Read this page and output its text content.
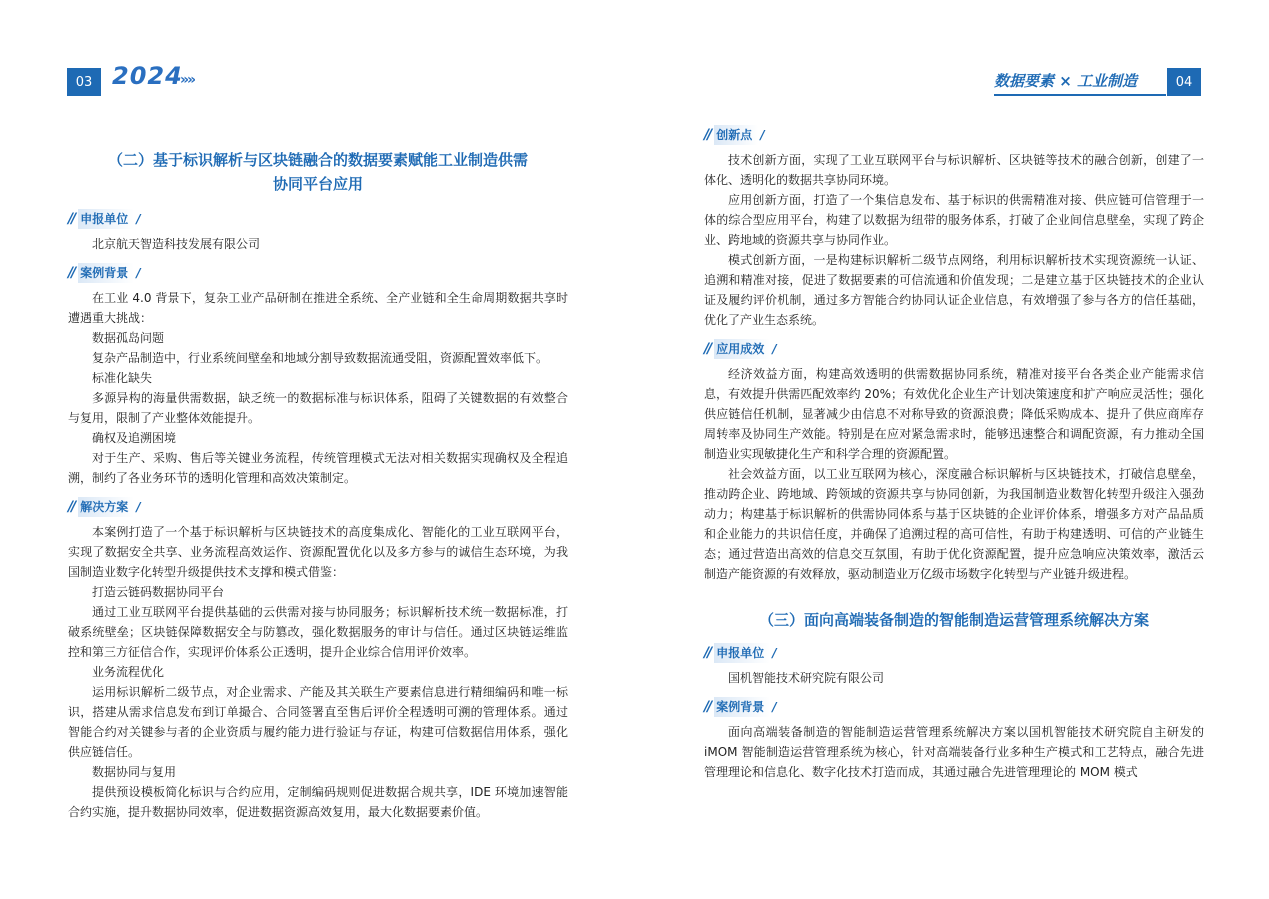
03 2024
»»
（二）基于标识解析与区块链融合的数据要素赋能工业制造供需
协同平台应用
// 申报单位 /

北京航天智造科技发展有限公司

// 案例背景 /

在工业 4.0 背景下，复杂工业产品研制在推进全系统、全产业链和全生命周期数据共享时遭遇重大挑战：

数据孤岛问题

复杂产品制造中，行业系统间壁垒和地域分割导致数据流通受阻，资源配置效率低下。

标准化缺失

多源异构的海量供需数据，缺乏统一的数据标准与标识体系，阻碍了关键数据的有效整合与复用，限制了产业整体效能提升。

确权及追溯困境

对于生产、采购、售后等关键业务流程，传统管理模式无法对相关数据实现确权及全程追溯，制约了各业务环节的透明化管理和高效决策制定。

// 解决方案 /

本案例打造了一个基于标识解析与区块链技术的高度集成化、智能化的工业互联网平台，实现了数据安全共享、业务流程高效运作、资源配置优化以及多方参与的诚信生态环境，为我国制造业数字化转型升级提供技术支撑和模式借鉴：

打造云链码数据协同平台

通过工业互联网平台提供基础的云供需对接与协同服务；标识解析技术统一数据标准，打破系统壁垒；区块链保障数据安全与防篡改，强化数据服务的审计与信任。通过区块链运维监控和第三方征信合作，实现评价体系公正透明，提升企业综合信用评价效率。

业务流程优化

运用标识解析二级节点，对企业需求、产能及其关联生产要素信息进行精细编码和唯一标识，搭建从需求信息发布到订单撮合、合同签署直至售后评价全程透明可溯的管理体系。通过智能合约对关键参与者的企业资质与履约能力进行验证与存证，构建可信数据信用体系，强化供应链信任。

数据协同与复用

提供预设模板简化标识与合约应用，定制编码规则促进数据合规共享，IDE 环境加速智能合约实施，提升数据协同效率，促进数据资源高效复用，最大化数据要素价值。

数据要素 × 工业制造	04
// 创新点 /

技术创新方面，实现了工业互联网平台与标识解析、区块链等技术的融合创新，创建了一体化、透明化的数据共享协同环境。

应用创新方面，打造了一个集信息发布、基于标识的供需精准对接、供应链可信管理于一体的综合型应用平台，构建了以数据为纽带的服务体系，打破了企业间信息壁垒，实现了跨企业、跨地域的资源共享与协同作业。

模式创新方面，一是构建标识解析二级节点网络，利用标识解析技术实现资源统一认证、追溯和精准对接，促进了数据要素的可信流通和价值发现；二是建立基于区块链技术的企业认证及履约评价机制，通过多方智能合约协同认证企业信息，有效增强了参与各方的信任基础，优化了产业生态系统。

// 应用成效 /

经济效益方面，构建高效透明的供需数据协同系统，精准对接平台各类企业产能需求信息，有效提升供需匹配效率约 20%；有效优化企业生产计划决策速度和扩产响应灵活性；强化供应链信任机制，显著减少由信息不对称导致的资源浪费；降低采购成本、提升了供应商库存周转率及协同生产效能。特别是在应对紧急需求时，能够迅速整合和调配资源，有力推动全国制造业实现敏捷化生产和科学合理的资源配置。

社会效益方面，以工业互联网为核心，深度融合标识解析与区块链技术，打破信息壁垒，推动跨企业、跨地域、跨领域的资源共享与协同创新，为我国制造业数智化转型升级注入强劲动力；构建基于标识解析的供需协同体系与基于区块链的企业评价体系，增强多方对产品品质和企业能力的共识信任度，并确保了追溯过程的高可信性，有助于构建透明、可信的产业链生态；通过营造出高效的信息交互氛围，有助于优化资源配置，提升应急响应决策效率，激活云制造产能资源的有效释放，驱动制造业万亿级市场数字化转型与产业链升级进程。

（三）面向高端装备制造的智能制造运营管理系统解决方案
// 申报单位 /

国机智能技术研究院有限公司

// 案例背景 /

面向高端装备制造的智能制造运营管理系统解决方案以国机智能技术研究院自主研发的 iMOM 智能制造运营管理系统为核心，针对高端装备行业多种生产模式和工艺特点，融合先进管理理论和信息化、数字化技术打造而成，其通过融合先进管理理论的 MOM 模式
